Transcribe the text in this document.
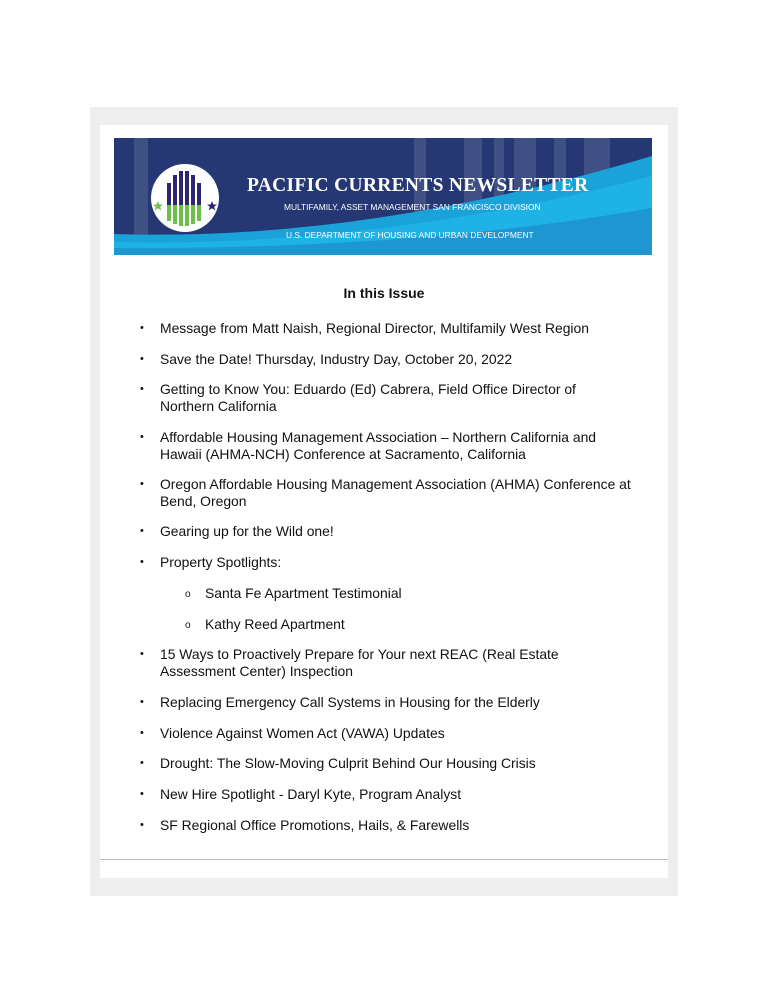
PACIFIC CURRENTS NEWSLETTER
MULTIFAMILY, ASSET MANAGEMENT SAN FRANCISCO DIVISION
U.S. DEPARTMENT OF HOUSING AND URBAN DEVELOPMENT
In this Issue
• Message from Matt Naish, Regional Director, Multifamily West Region
• Save the Date! Thursday, Industry Day, October 20, 2022
• Getting to Know You: Eduardo (Ed) Cabrera, Field Office Director of
Northern California
• Affordable Housing Management Association – Northern California and
Hawaii (AHMA-NCH) Conference at Sacramento, California
• Oregon Affordable Housing Management Association (AHMA) Conference at
Bend, Oregon
• Gearing up for the Wild one!
• Property Spotlights:
o Santa Fe Apartment Testimonial
o Kathy Reed Apartment
• 15 Ways to Proactively Prepare for Your next REAC (Real Estate
Assessment Center) Inspection
• Replacing Emergency Call Systems in Housing for the Elderly
• Violence Against Women Act (VAWA) Updates
• Drought: The Slow-Moving Culprit Behind Our Housing Crisis
• New Hire Spotlight - Daryl Kyte, Program Analyst
• SF Regional Office Promotions, Hails, & Farewells
